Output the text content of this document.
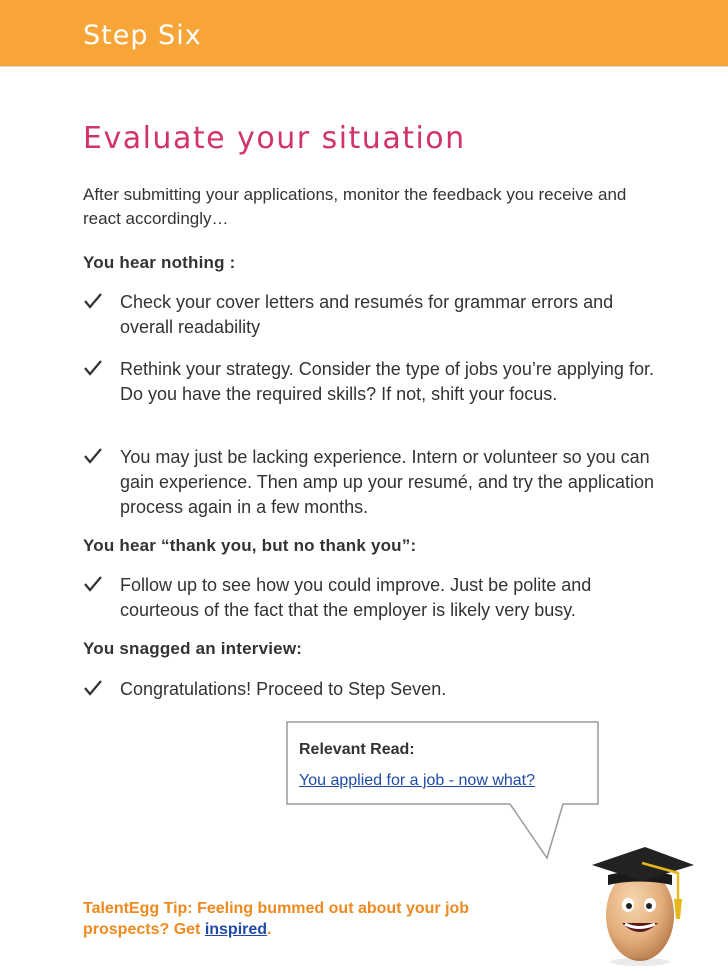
Step Six
Evaluate your situation
After submitting your applications, monitor the feedback you receive and react accordingly…
You hear nothing :
Check your cover letters and resumés for grammar errors and overall readability
Rethink your strategy. Consider the type of jobs you’re applying for. Do you have the required skills? If not, shift your focus.
You may just be lacking experience. Intern or volunteer so you can gain experience. Then amp up your resumé, and try the application process again in a few months.
You hear “thank you, but no thank you”:
Follow up to see how you could improve. Just be polite and courteous of the fact that the employer is likely very busy.
You snagged an interview:
Congratulations! Proceed to Step Seven.
Relevant Read:
You applied for a job - now what?
TalentEgg Tip: Feeling bummed out about your job prospects? Get inspired.
